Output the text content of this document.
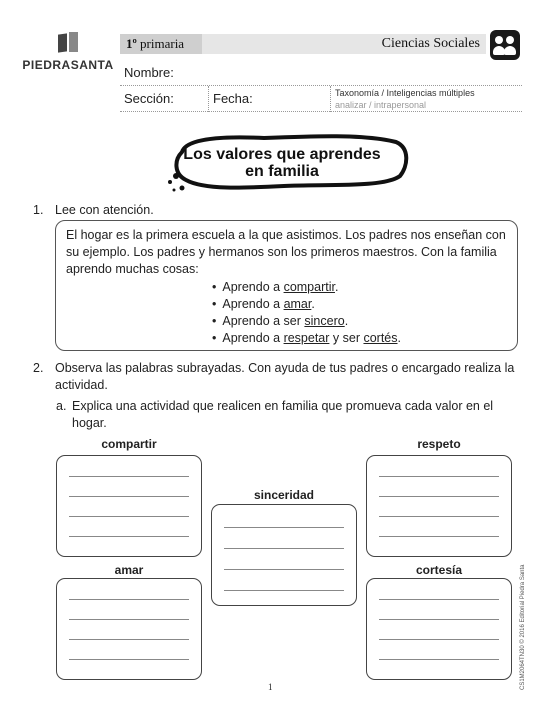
PIEDRASANTA
1º primaria	Ciencias Sociales
Nombre:
Sección:	Fecha:	Taxonomía / Inteligencias múltiples
analizar / intrapersonal
Los valores que aprendes
en familia
1. Lee con atención.
El hogar es la primera escuela a la que asistimos. Los padres nos enseñan con su ejemplo. Los padres y hermanos son los primeros maestros. Con la familia aprendo muchas cosas:
• Aprendo a compartir.
• Aprendo a amar.
• Aprendo a ser sincero.
• Aprendo a respetar y ser cortés.
2. Observa las palabras subrayadas. Con ayuda de tus padres o encargado realiza la actividad.
a. Explica una actividad que realicen en familia que promueva cada valor en el hogar.
compartir	respeto
sinceridad
amar	cortesía
1	CS1M2064TN30 © 2016 Editorial Piedra Santa
